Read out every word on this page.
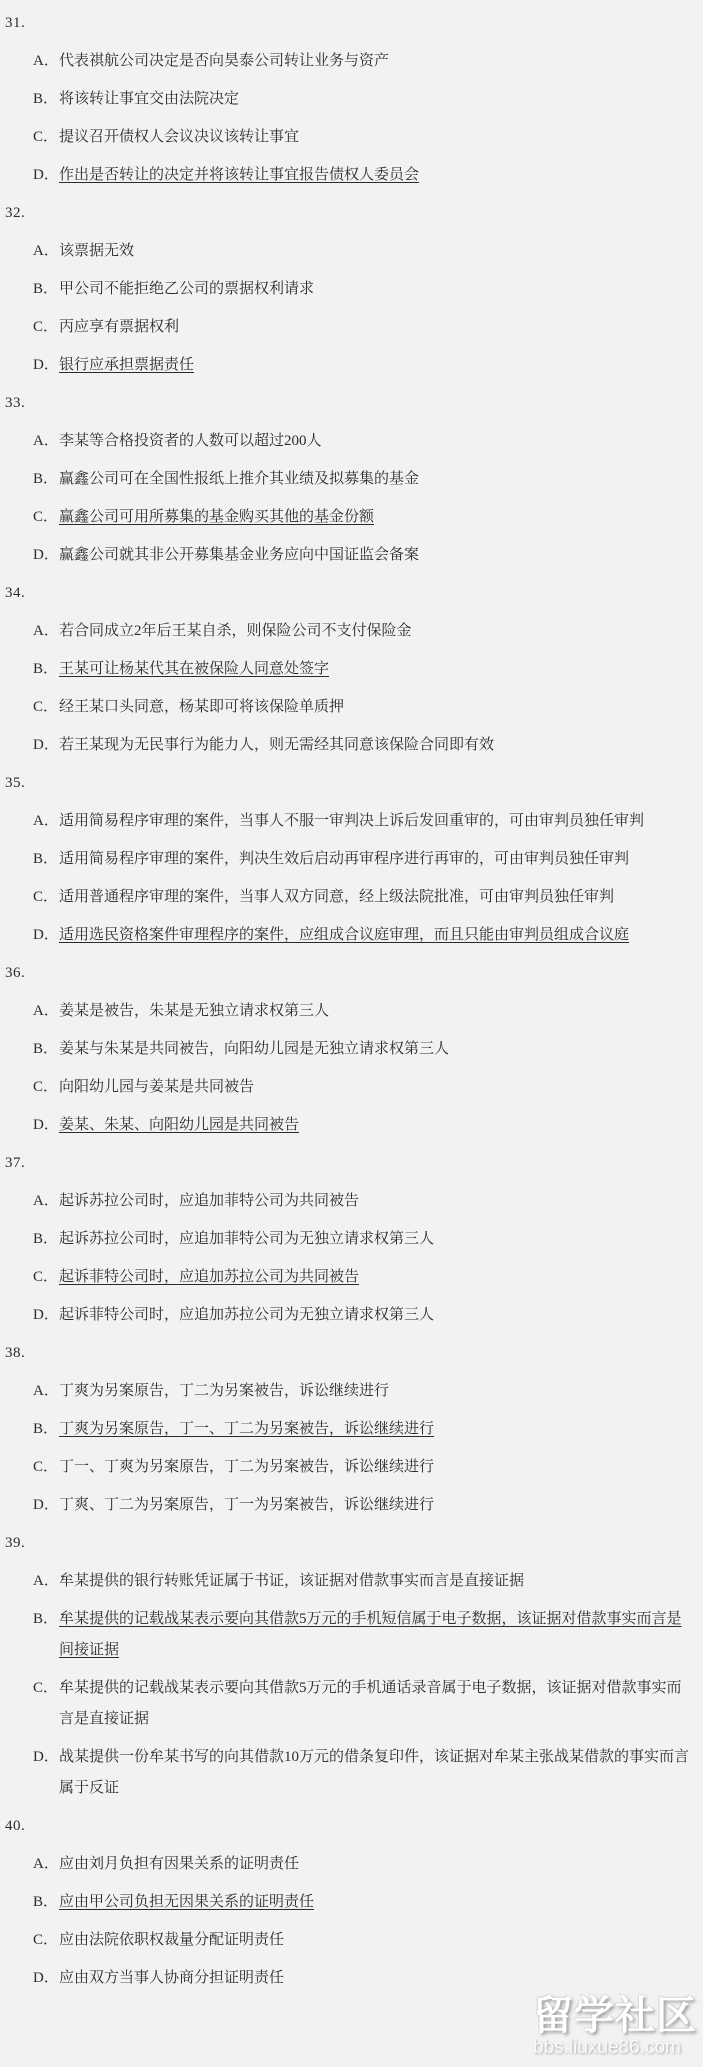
31.
A． 代表祺航公司决定是否向昊泰公司转让业务与资产
B． 将该转让事宜交由法院决定
C． 提议召开债权人会议决议该转让事宜
D． 作出是否转让的决定并将该转让事宜报告债权人委员会
32.
A． 该票据无效
B． 甲公司不能拒绝乙公司的票据权利请求
C． 丙应享有票据权利
D． 银行应承担票据责任
33.
A． 李某等合格投资者的人数可以超过200人
B． 赢鑫公司可在全国性报纸上推介其业绩及拟募集的基金
C． 赢鑫公司可用所募集的基金购买其他的基金份额
D． 赢鑫公司就其非公开募集基金业务应向中国证监会备案
34.
A． 若合同成立2年后王某自杀，则保险公司不支付保险金
B． 王某可让杨某代其在被保险人同意处签字
C． 经王某口头同意，杨某即可将该保险单质押
D． 若王某现为无民事行为能力人，则无需经其同意该保险合同即有效
35.
A． 适用简易程序审理的案件，当事人不服一审判决上诉后发回重审的，可由审判员独任审判
B． 适用简易程序审理的案件，判决生效后启动再审程序进行再审的，可由审判员独任审判
C． 适用普通程序审理的案件，当事人双方同意，经上级法院批准，可由审判员独任审判
D． 适用选民资格案件审理程序的案件，应组成合议庭审理，而且只能由审判员组成合议庭
36.
A． 姜某是被告，朱某是无独立请求权第三人
B． 姜某与朱某是共同被告，向阳幼儿园是无独立请求权第三人
C． 向阳幼儿园与姜某是共同被告
D． 姜某、朱某、向阳幼儿园是共同被告
37.
A． 起诉苏拉公司时，应追加菲特公司为共同被告
B． 起诉苏拉公司时，应追加菲特公司为无独立请求权第三人
C． 起诉菲特公司时，应追加苏拉公司为共同被告
D． 起诉菲特公司时，应追加苏拉公司为无独立请求权第三人
38.
A． 丁爽为另案原告，丁二为另案被告，诉讼继续进行
B． 丁爽为另案原告，丁一、丁二为另案被告，诉讼继续进行
C． 丁一、丁爽为另案原告，丁二为另案被告，诉讼继续进行
D． 丁爽、丁二为另案原告，丁一为另案被告，诉讼继续进行
39.
A． 牟某提供的银行转账凭证属于书证，该证据对借款事实而言是直接证据
B． 牟某提供的记载战某表示要向其借款5万元的手机短信属于电子数据，该证据对借款事实而言是间接证据
C． 牟某提供的记载战某表示要向其借款5万元的手机通话录音属于电子数据，该证据对借款事实而言是直接证据
D． 战某提供一份牟某书写的向其借款10万元的借条复印件，该证据对牟某主张战某借款的事实而言属于反证
40.
A． 应由刘月负担有因果关系的证明责任
B． 应由甲公司负担无因果关系的证明责任
C． 应由法院依职权裁量分配证明责任
D． 应由双方当事人协商分担证明责任
留学社区
bbs.liuxue86.com
